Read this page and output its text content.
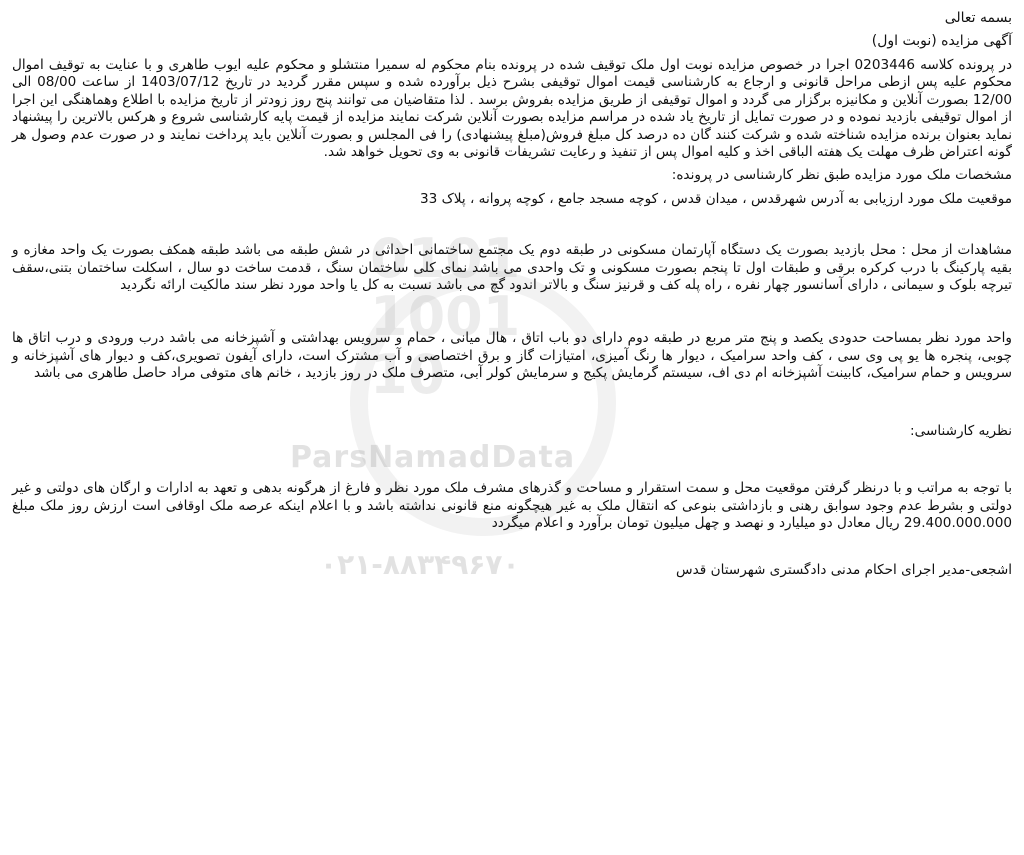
0101
1001
10
ParsNamadData
۰۲۱-۸۸۳۴۹۶۷۰

بسمه تعالی

آگهی مزایده (نوبت اول)

در پرونده کلاسه 0203446 اجرا در خصوص مزایده نوبت اول ملک توقیف شده در پرونده بنام محکوم له سمیرا منتشلو و محکوم علیه ایوب طاهری و با عنایت به توقیف اموال محکوم علیه پس ازطی مراحل قانونی و ارجاع به کارشناسی قیمت اموال توقیفی بشرح ذیل برآورده شده و سپس مقرر گردید در تاریخ 1403/07/12 از ساعت 08/00 الی 12/00 بصورت آنلاین و مکانیزه برگزار می گردد و اموال توقیفی از طریق مزایده بفروش برسد . لذا متقاضیان می توانند پنج روز زودتر از تاریخ مزایده با اطلاع وهماهنگی این اجرا از اموال توقیفی بازدید نموده و در صورت تمایل از تاریخ یاد شده در مراسم مزایده بصورت آنلاین شرکت نمایند مزایده از قیمت پایه کارشناسی شروع و هرکس بالاترین را پیشنهاد نماید بعنوان برنده مزایده شناخته شده و شرکت کنند گان ده درصد کل مبلغ فروش(مبلغ پیشنهادی) را فی المجلس و بصورت آنلاین باید پرداخت نمایند و در صورت عدم وصول هر گونه اعتراض ظرف مهلت یک هفته الباقی اخذ و کلیه اموال پس از تنفیذ و رعایت تشریفات قانونی به وی تحویل خواهد شد.

مشخصات ملک مورد مزایده طبق نظر کارشناسی در پرونده:

موقعیت ملک مورد ارزیابی به آدرس شهرقدس ، میدان قدس ، کوچه مسجد جامع ، کوچه پروانه ، پلاک 33

مشاهدات از محل : محل بازدید بصورت یک دستگاه آپارتمان مسکونی در طبقه دوم یک مجتمع ساختمانی احداثی در شش طبقه می باشد طبقه همکف بصورت یک واحد مغازه و بقیه پارکینگ با درب کرکره برقی و طبقات اول تا پنجم بصورت مسکونی و تک واحدی می باشد نمای کلی ساختمان سنگ ، قدمت ساخت دو سال ، اسکلت ساختمان بتنی،سقف تیرچه بلوک و سیمانی ، دارای آسانسور چهار نفره ، راه پله کف و قرنیز سنگ و بالاتر اندود گچ می باشد نسبت به کل یا واحد مورد نظر سند مالکیت ارائه نگردید

واحد مورد نظر بمساحت حدودی یکصد و پنج متر مربع در طبقه دوم دارای دو باب اتاق ، هال میانی ، حمام و سرویس بهداشتی و آشپزخانه می باشد درب ورودی و درب اتاق ها چوبی، پنجره ها یو پی وی سی ، کف واحد سرامیک ، دیوار ها رنگ آمیزی، امتیازات گاز و برق اختصاصی و آب مشترک است، دارای آیفون تصویری،کف و دیوار های آشپزخانه و سرویس و حمام سرامیک، کابینت آشپزخانه ام دی اف، سیستم گرمایش پکیج و سرمایش کولر آبی، متصرف ملک در روز بازدید ، خانم های متوفی مراد حاصل طاهری می باشد

نظریه کارشناسی:

با توجه به مراتب و با درنظر گرفتن موقعیت محل و سمت استقرار و مساحت و گذرهای مشرف ملک مورد نظر و فارغ از هرگونه بدهی و تعهد به ادارات و ارگان های دولتی و غیر دولتی و بشرط عدم وجود سوابق رهنی و بازداشتی بنوعی که انتقال ملک به غیر هیچگونه منع قانونی نداشته باشد و با اعلام اینکه عرصه ملک اوقافی است ارزش روز ملک مبلغ 29.400.000.000 ریال معادل دو میلیارد و نهصد و چهل میلیون تومان برآورد و اعلام میگردد

اشجعی-مدیر اجرای احکام مدنی دادگستری شهرستان قدس
